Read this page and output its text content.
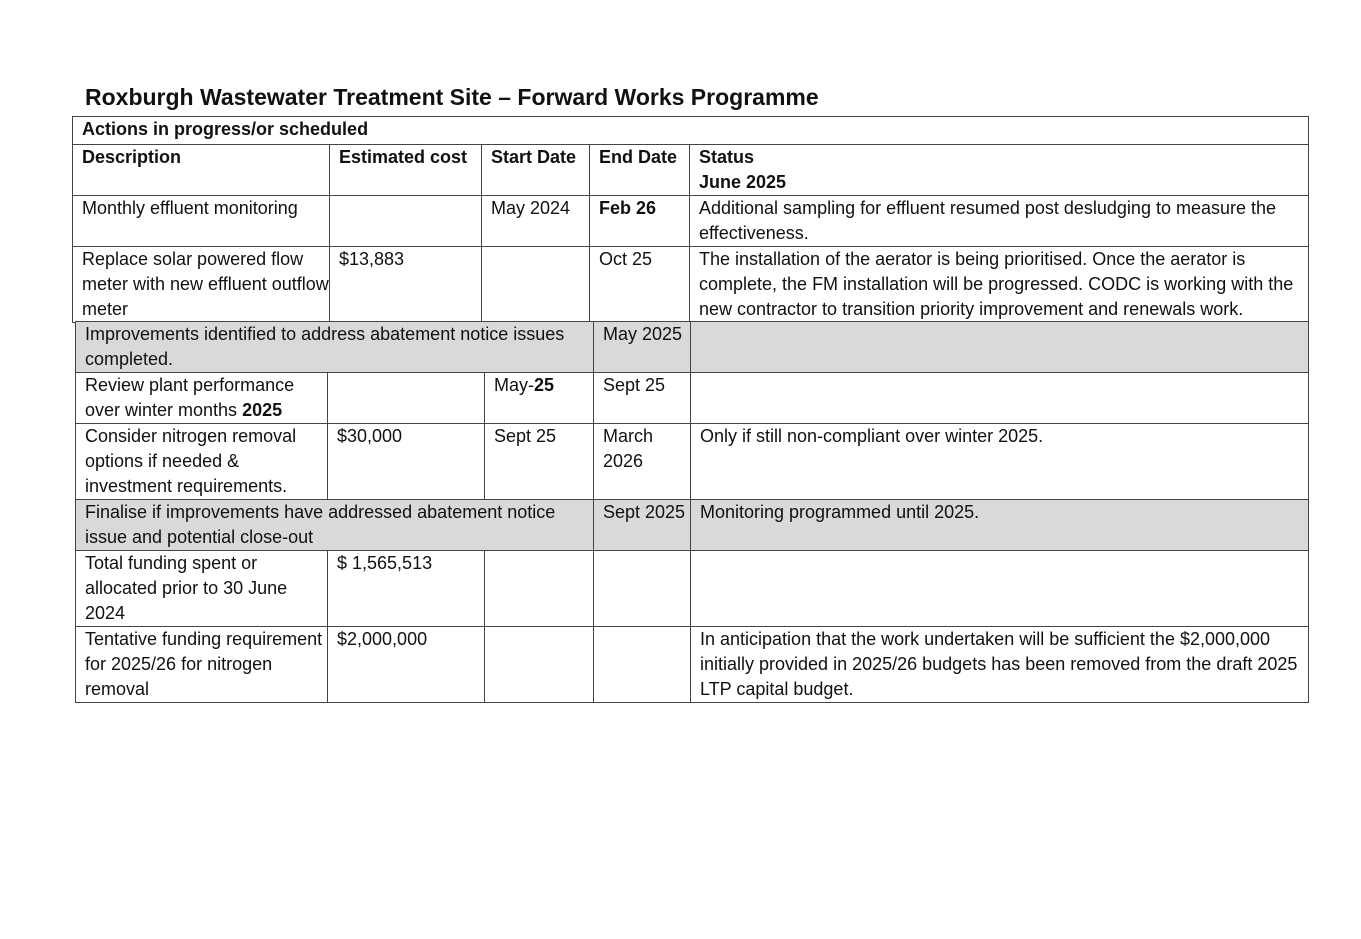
Roxburgh Wastewater Treatment Site – Forward Works Programme
Actions in progress/or scheduled				
Description	Estimated cost	Start Date	End Date	Status
June 2025

Monthly effluent monitoring		May 2024	Feb 26	Additional sampling for effluent resumed post desludging to measure the effectiveness.
Replace solar powered flow meter with new effluent outflow meter	$13,883		Oct 25	The installation of the aerator is being prioritised. Once the aerator is complete, the FM installation will be progressed. CODC is working with the new contractor to transition priority improvement and renewals work.
Improvements identified to address abatement notice issues completed.			May 2025	
Review plant performance over winter months 2025		May-25	Sept 25	
Consider nitrogen removal options if needed & investment requirements.	$30,000	Sept 25	March 2026	Only if still non-compliant over winter 2025.
Finalise if improvements have addressed abatement notice issue and potential close-out			Sept 2025	Monitoring programmed until 2025.
Total funding spent or allocated prior to 30 June 2024	$ 1,565,513			
Tentative funding requirement for 2025/26 for nitrogen removal	$2,000,000			In anticipation that the work undertaken will be sufficient the $2,000,000 initially provided in 2025/26 budgets has been removed from the draft 2025 LTP capital budget.
